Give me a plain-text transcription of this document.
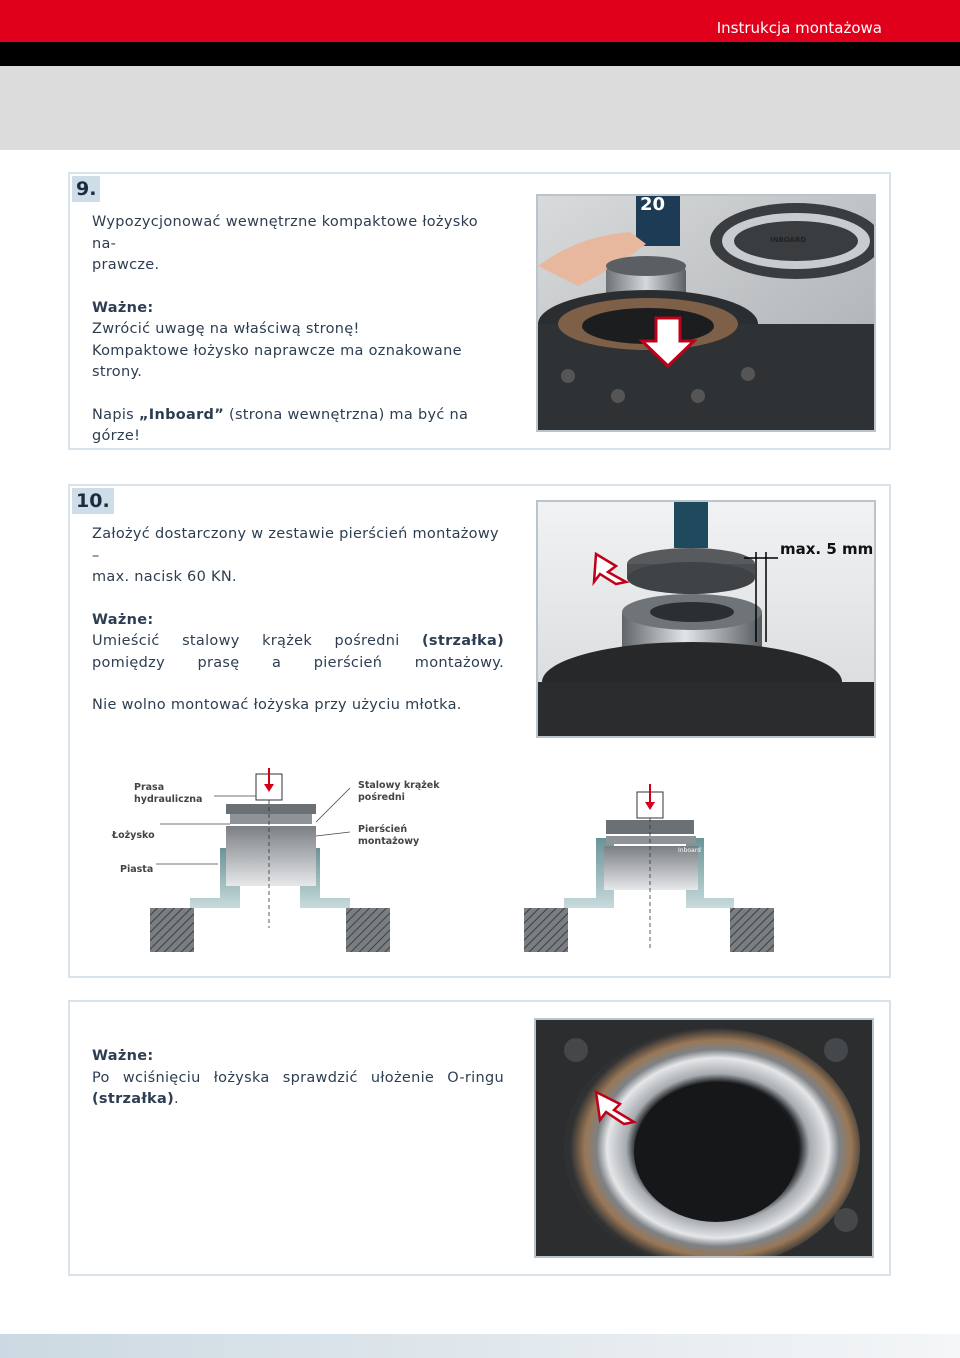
Instrukcja montażowa
9.

Wypozycjonować wewnętrzne kompaktowe łożysko na-

prawcze.

Ważne:

Zwrócić uwagę na właściwą stronę!

Kompaktowe łożysko naprawcze ma oznakowane strony.

Napis „Inboard” (strona wewnętrzna) ma być na górze!

20
INBOARD
10.

Założyć dostarczony w zestawie pierścień montażowy –

max. nacisk 60 KN.

Ważne:

Umieścić stalowy krążek pośredni (strzałka)

pomiędzy prasę a pierścień montażowy.

Nie wolno montować łożyska przy użyciu młotka.

max. 5 mm
Prasa
hydrauliczna
Łożysko
Piasta
Stalowy krążek
pośredni
Pierścień
montażowy
Inboard

Ważne:

Po wciśnięciu łożyska sprawdzić ułożenie O-ringu

(strzałka).
